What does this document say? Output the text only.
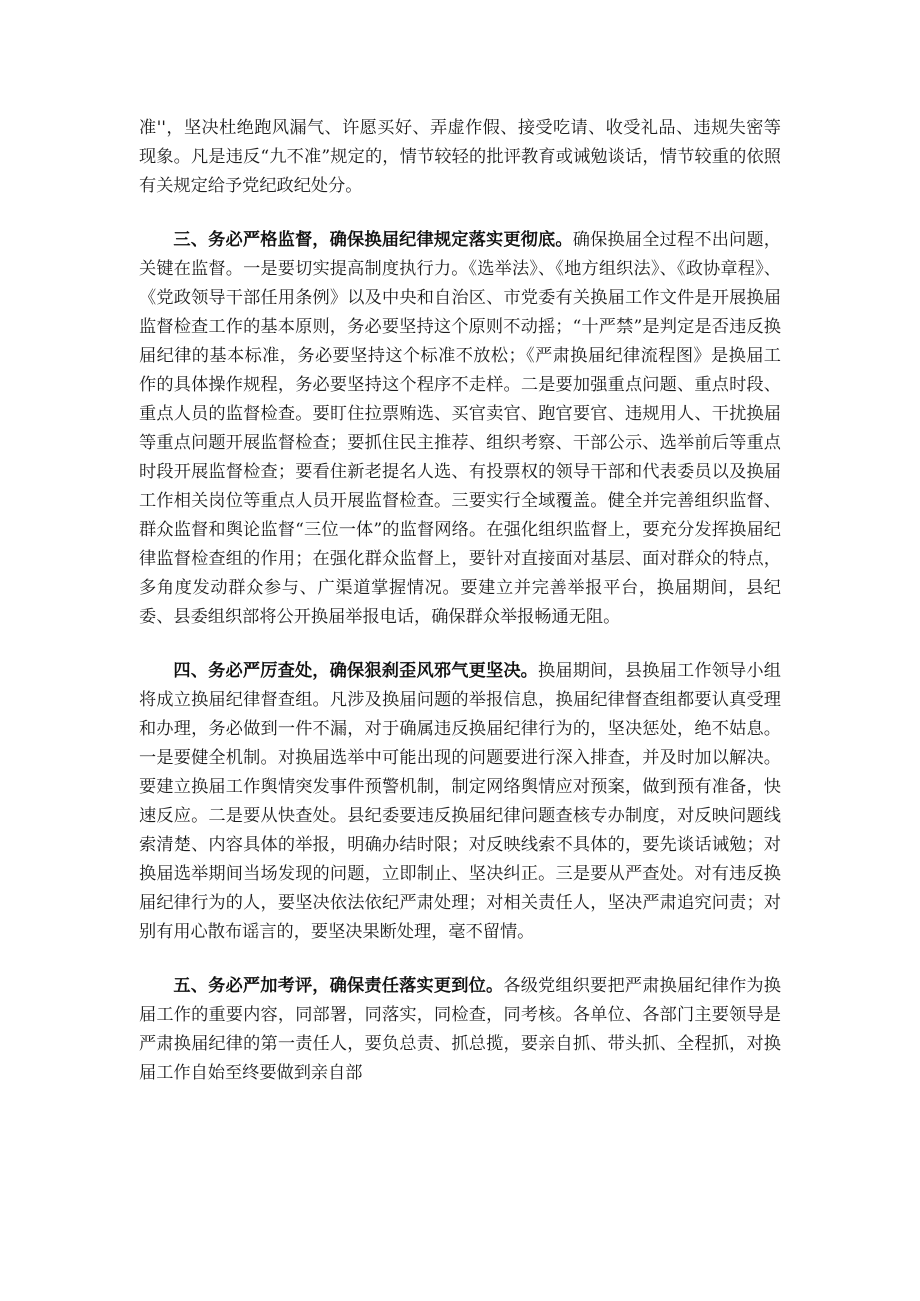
准''，坚决杜绝跑风漏气、许愿买好、弄虚作假、接受吃请、收受礼品、违规失密等现象。凡是违反“九不准”规定的，情节较轻的批评教育或诫勉谈话，情节较重的依照有关规定给予党纪政纪处分。

三、务必严格监督，确保换届纪律规定落实更彻底。确保换届全过程不出问题，关键在监督。一是要切实提高制度执行力。《选举法》、《地方组织法》、《政协章程》、《党政领导干部任用条例》以及中央和自治区、市党委有关换届工作文件是开展换届监督检查工作的基本原则，务必要坚持这个原则不动摇；“十严禁”是判定是否违反换届纪律的基本标准，务必要坚持这个标准不放松；《严肃换届纪律流程图》是换届工作的具体操作规程，务必要坚持这个程序不走样。二是要加强重点问题、重点时段、重点人员的监督检查。要盯住拉票贿选、买官卖官、跑官要官、违规用人、干扰换届等重点问题开展监督检查；要抓住民主推荐、组织考察、干部公示、选举前后等重点时段开展监督检查；要看住新老提名人选、有投票权的领导干部和代表委员以及换届工作相关岗位等重点人员开展监督检查。三要实行全域覆盖。健全并完善组织监督、群众监督和舆论监督“三位一体”的监督网络。在强化组织监督上，要充分发挥换届纪律监督检查组的作用；在强化群众监督上，要针对直接面对基层、面对群众的特点，多角度发动群众参与、广渠道掌握情况。要建立并完善举报平台，换届期间，县纪委、县委组织部将公开换届举报电话，确保群众举报畅通无阻。

四、务必严厉查处，确保狠刹歪风邪气更坚决。换届期间，县换届工作领导小组将成立换届纪律督查组。凡涉及换届问题的举报信息，换届纪律督查组都要认真受理和办理，务必做到一件不漏，对于确属违反换届纪律行为的，坚决惩处，绝不姑息。一是要健全机制。对换届选举中可能出现的问题要进行深入排查，并及时加以解决。要建立换届工作舆情突发事件预警机制，制定网络舆情应对预案，做到预有准备，快速反应。二是要从快查处。县纪委要违反换届纪律问题查核专办制度，对反映问题线索清楚、内容具体的举报，明确办结时限；对反映线索不具体的，要先谈话诫勉；对换届选举期间当场发现的问题，立即制止、坚决纠正。三是要从严查处。对有违反换届纪律行为的人，要坚决依法依纪严肃处理；对相关责任人，坚决严肃追究问责；对别有用心散布谣言的，要坚决果断处理，毫不留情。

五、务必严加考评，确保责任落实更到位。各级党组织要把严肃换届纪律作为换届工作的重要内容，同部署，同落实，同检查，同考核。各单位、各部门主要领导是严肃换届纪律的第一责任人，要负总责、抓总揽，要亲自抓、带头抓、全程抓，对换届工作自始至终要做到亲自部
